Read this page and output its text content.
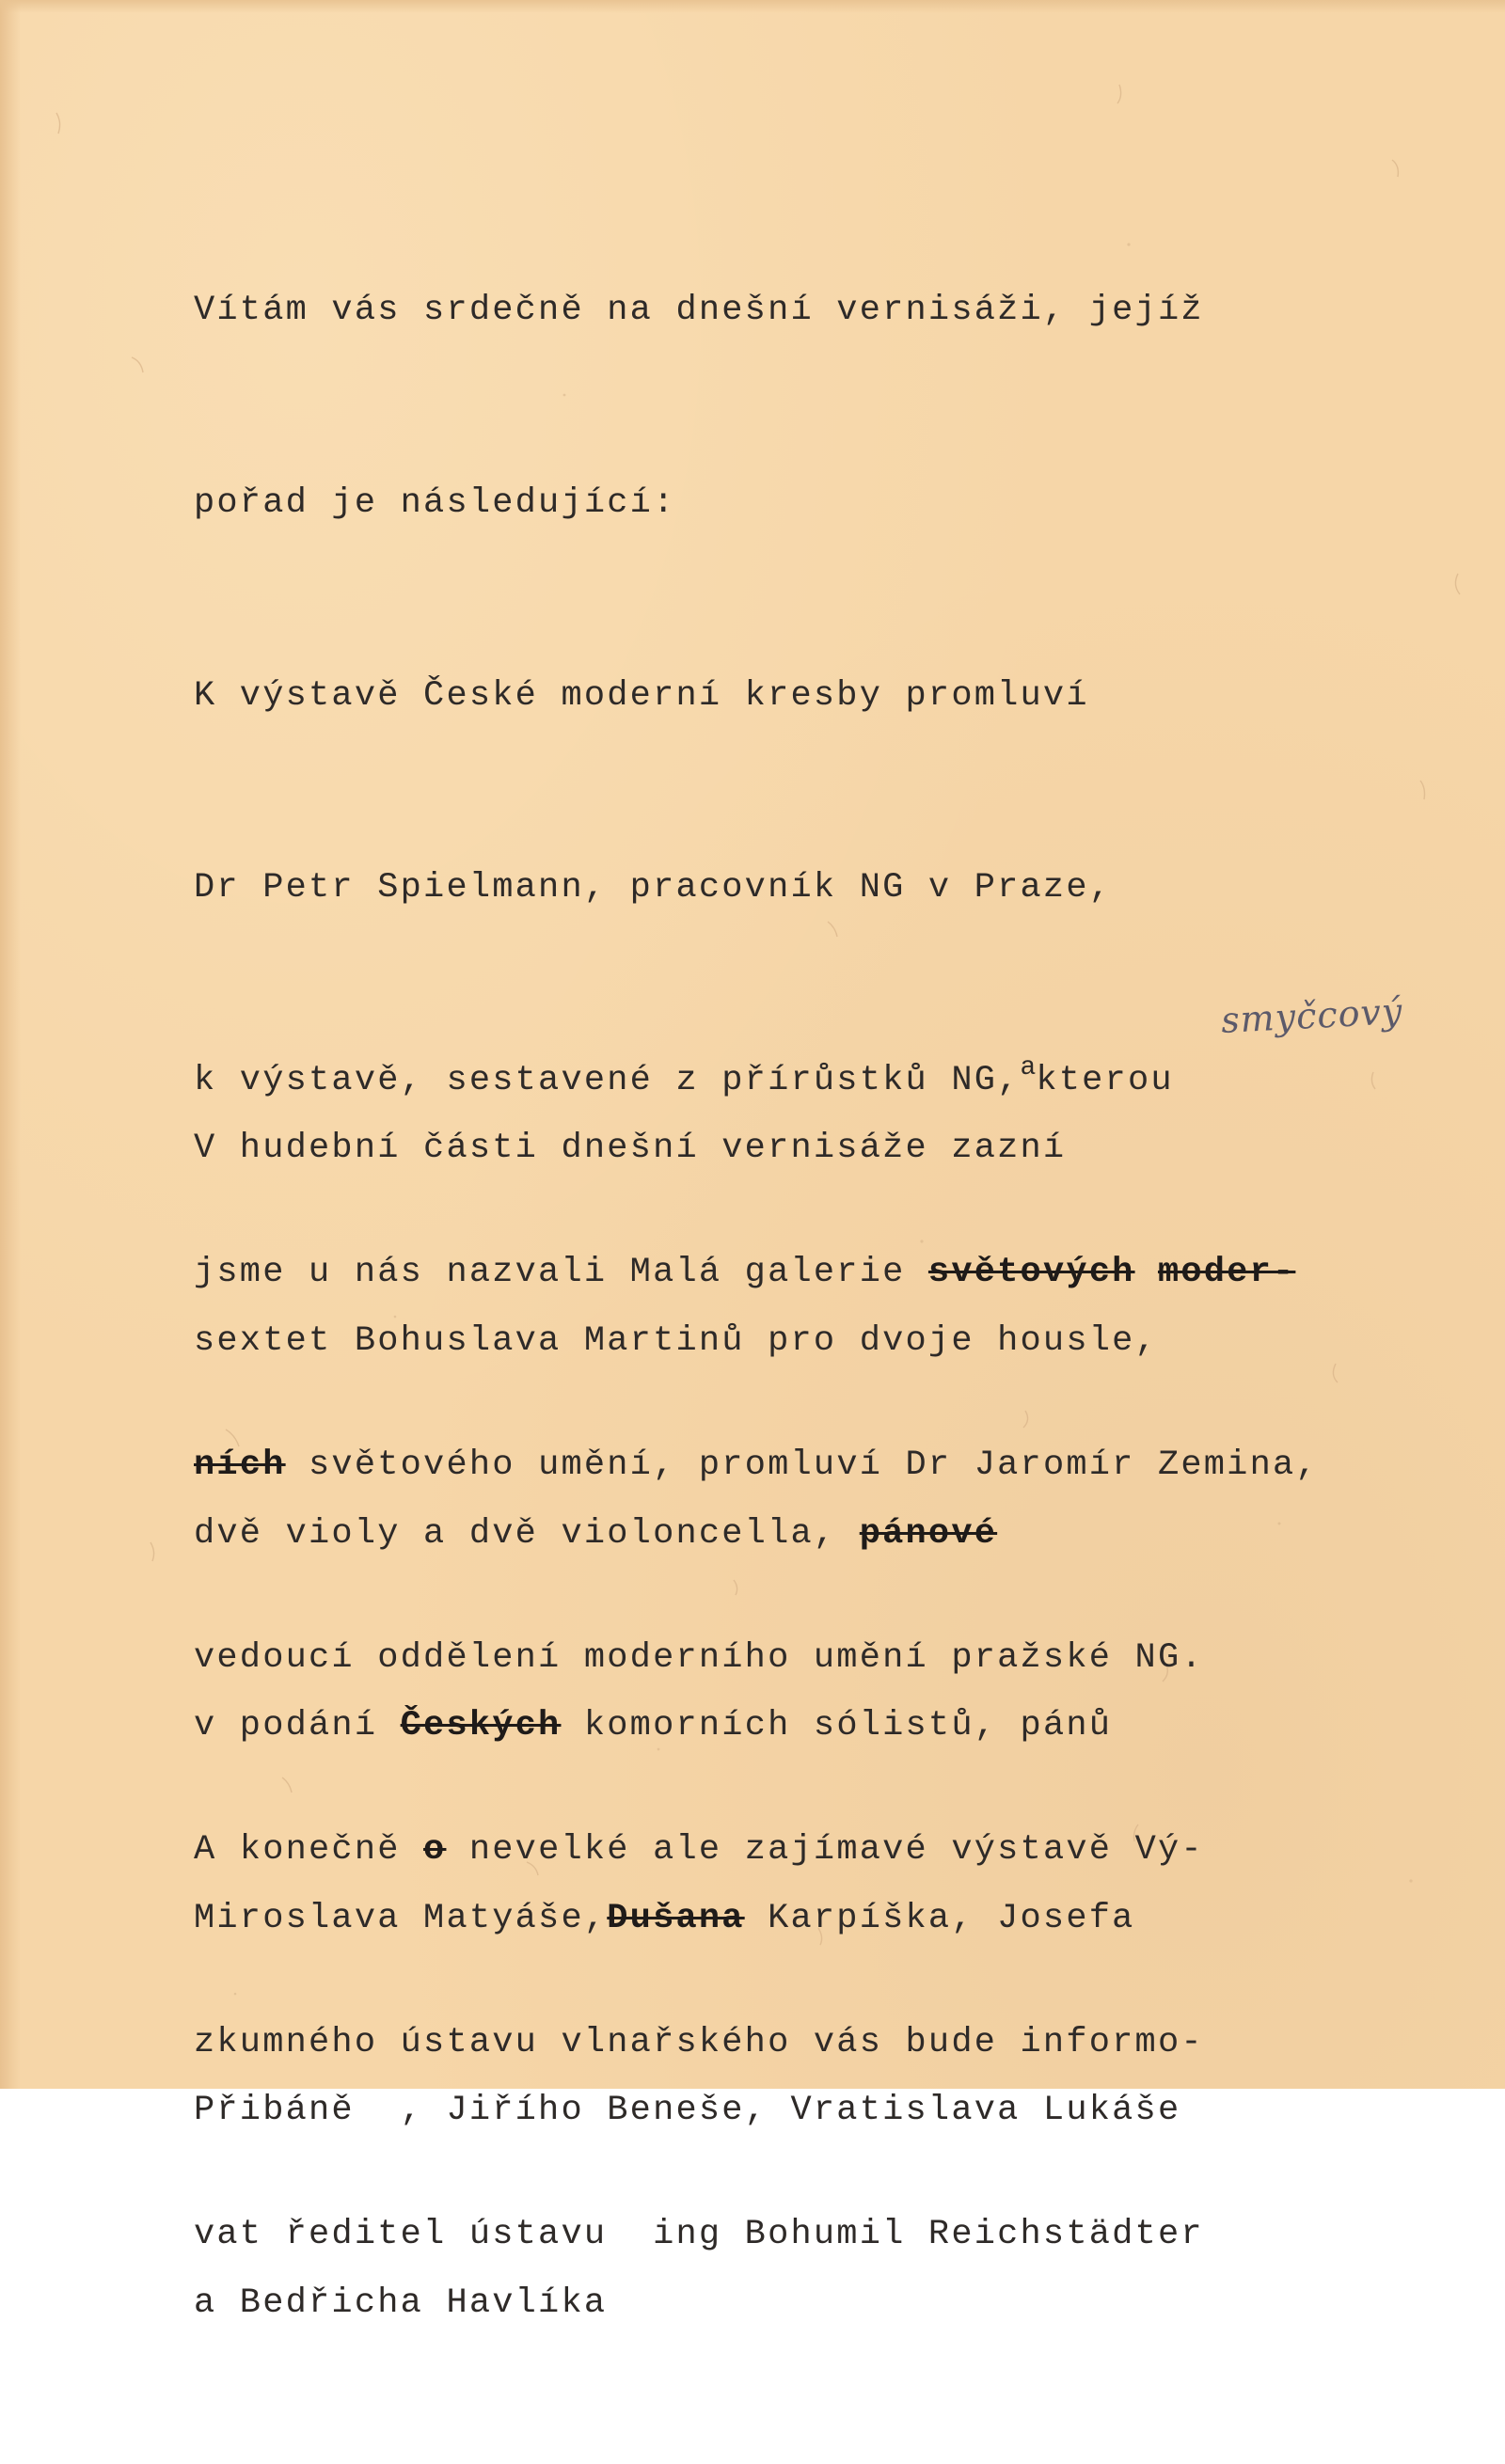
Vítám vás srdečně na dnešní vernisáži, jejíž

pořad je následující:

K výstavě České moderní kresby promluví

Dr Petr Spielmann, pracovník NG v Praze,

k výstavě, sestavené z přírůstků NG,$^a$kterou

jsme u nás nazvali Malá galerie světových moder-

ních světového umění, promluví Dr Jaromír Zemina,

vedoucí oddělení moderního umění pražské NG.

A konečně o nevelké ale zajímavé výstavě Vý-

zkumného ústavu vlnařského vás bude informo-

vat ředitel ústavu  ing Bohumil Reichstädter

smyčcový

V hudební části dnešní vernisáže zazní

sextet Bohuslava Martinů pro dvoje housle,

dvě violy a dvě violoncella, pánové

v podání Českých komorních sólistů, pánů

Miroslava Matyáše,Dušana Karpíška, Josefa

Přibáně  , Jiřího Beneše, Vratislava Lukáše

a Bedřicha Havlíka
